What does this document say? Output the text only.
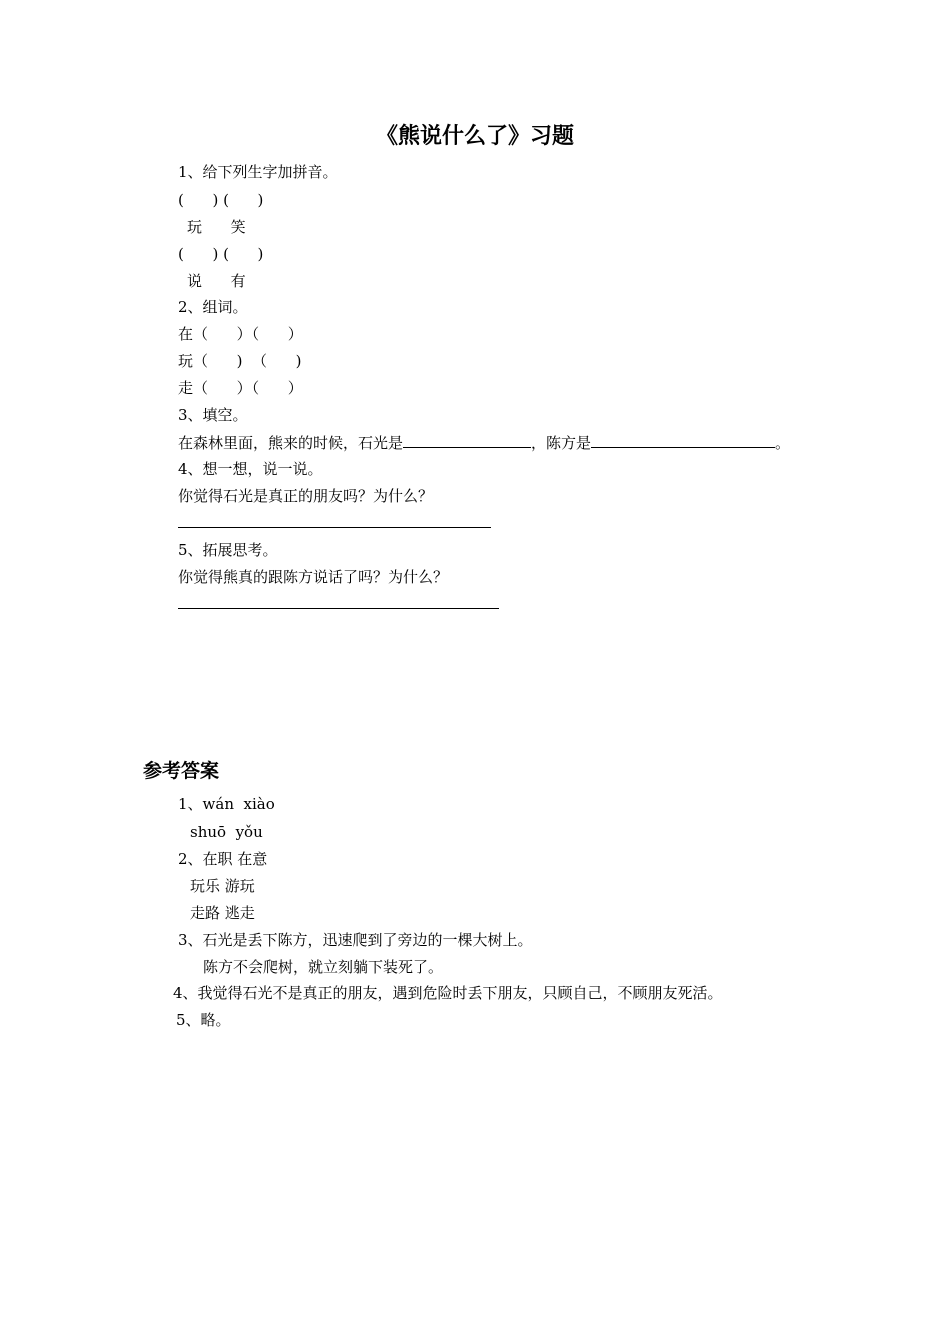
《熊说什么了》习题
1、给下列生字加拼音。
(      ) (      )
玩      笑
(      ) (      )
说      有
2、组词。
在（      ）（      ）
玩（      )  （      )
走（      ）（      ）
3、填空。
在森林里面，熊来的时候，石光是	，陈方是	。
4、想一想，说一说。
你觉得石光是真正的朋友吗？为什么？
5、拓展思考。
你觉得熊真的跟陈方说话了吗？为什么？
参考答案
1、wán  xiào
shuō  yǒu
2、在职 在意
玩乐 游玩
走路 逃走
3、石光是丢下陈方，迅速爬到了旁边的一棵大树上。
陈方不会爬树，就立刻躺下装死了。
4、我觉得石光不是真正的朋友，遇到危险时丢下朋友，只顾自己，不顾朋友死活。
5、略。
